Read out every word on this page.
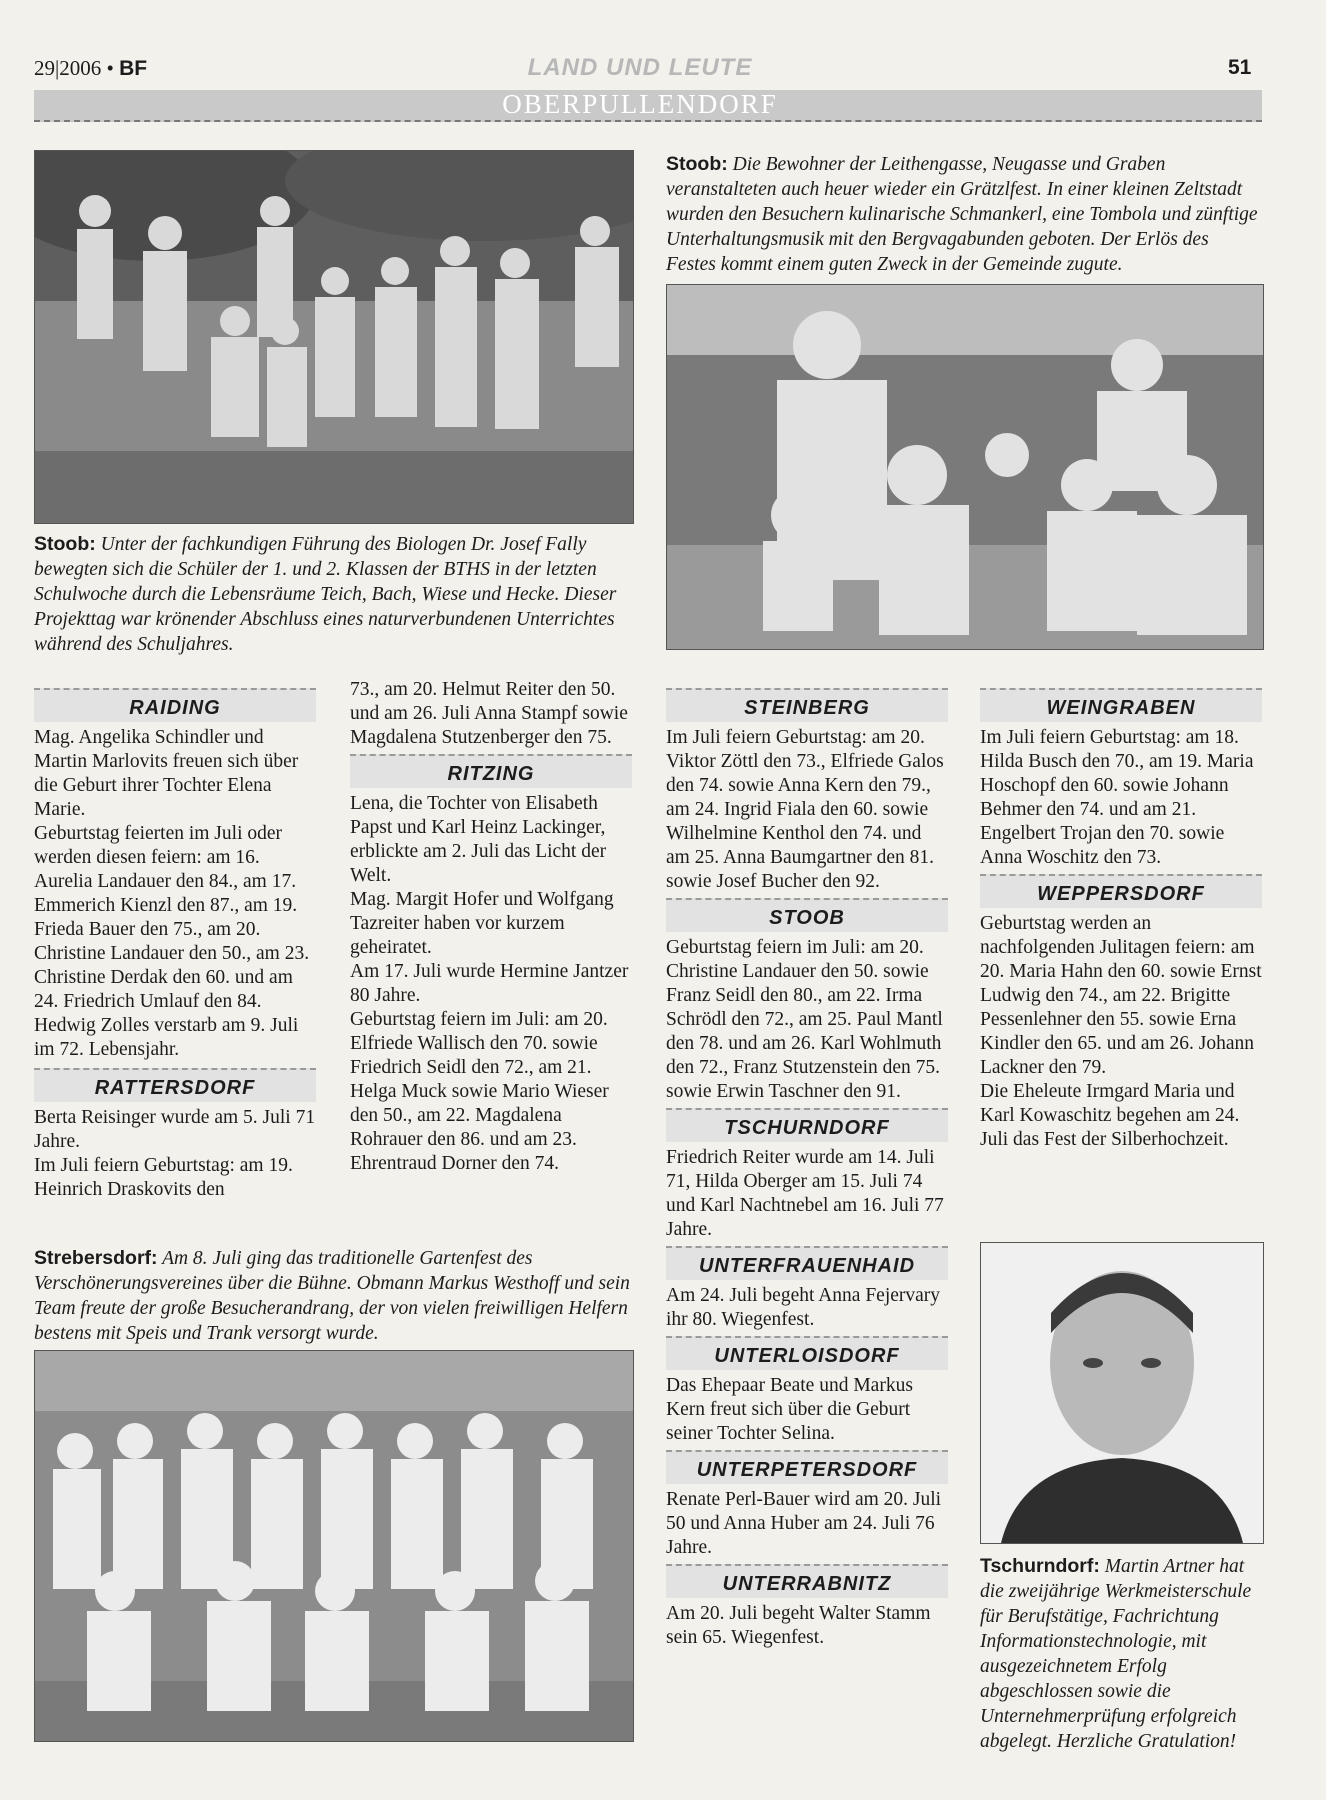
29|2006 • BF	LAND UND LEUTE	51
OBERPULLENDORF
Stoob: Unter der fachkundigen Führung des Biologen Dr. Josef Fally bewegten sich die Schüler der 1. und 2. Klassen der BTHS in der letzten Schulwoche durch die Lebensräume Teich, Bach, Wiese und Hecke. Dieser Projekttag war krönender Abschluss eines naturverbundenen Unterrichtes während des Schuljahres.
Stoob: Die Bewohner der Leithengasse, Neugasse und Graben veranstalteten auch heuer wieder ein Grätzlfest. In einer kleinen Zeltstadt wurden den Besuchern kulinarische Schmankerl, eine Tombola und zünftige Unterhaltungsmusik mit den Bergvagabunden geboten. Der Erlös des Festes kommt einem guten Zweck in der Gemeinde zugute.
RAIDING

Mag. Angelika Schindler und Martin Marlovits freuen sich über die Geburt ihrer Tochter Elena Marie.

Geburtstag feierten im Juli oder werden diesen feiern: am 16. Aurelia Landauer den 84., am 17. Emmerich Kienzl den 87., am 19. Frieda Bauer den 75., am 20. Christine Landauer den 50., am 23. Christine Derdak den 60. und am 24. Friedrich Umlauf den 84.

Hedwig Zolles verstarb am 9. Juli im 72. Lebensjahr.

RATTERSDORF

Berta Reisinger wurde am 5. Juli 71 Jahre.

Im Juli feiern Geburtstag: am 19. Heinrich Draskovits den

73., am 20. Helmut Reiter den 50. und am 26. Juli Anna Stampf sowie Magdalena Stutzenberger den 75.

RITZING

Lena, die Tochter von Elisabeth Papst und Karl Heinz Lackinger, erblickte am 2. Juli das Licht der Welt.

Mag. Margit Hofer und Wolfgang Tazreiter haben vor kurzem geheiratet.

Am 17. Juli wurde Hermine Jantzer 80 Jahre.

Geburtstag feiern im Juli: am 20. Elfriede Wallisch den 70. sowie Friedrich Seidl den 72., am 21. Helga Muck sowie Mario Wieser den 50., am 22. Magdalena Rohrauer den 86. und am 23. Ehrentraud Dorner den 74.

Strebersdorf: Am 8. Juli ging das traditionelle Gartenfest des Verschönerungsvereines über die Bühne. Obmann Markus Westhoff und sein Team freute der große Besucherandrang, der von vielen freiwilligen Helfern bestens mit Speis und Trank versorgt wurde.
STEINBERG

Im Juli feiern Geburtstag: am 20. Viktor Zöttl den 73., Elfriede Galos den 74. sowie Anna Kern den 79., am 24. Ingrid Fiala den 60. sowie Wilhelmine Kenthol den 74. und am 25. Anna Baumgartner den 81. sowie Josef Bucher den 92.

STOOB

Geburtstag feiern im Juli: am 20. Christine Landauer den 50. sowie Franz Seidl den 80., am 22. Irma Schrödl den 72., am 25. Paul Mantl den 78. und am 26. Karl Wohlmuth den 72., Franz Stutzenstein den 75. sowie Erwin Taschner den 91.

TSCHURNDORF

Friedrich Reiter wurde am 14. Juli 71, Hilda Oberger am 15. Juli 74 und Karl Nachtnebel am 16. Juli 77 Jahre.

UNTERFRAUENHAID

Am 24. Juli begeht Anna Fejervary ihr 80. Wiegenfest.

UNTERLOISDORF

Das Ehepaar Beate und Markus Kern freut sich über die Geburt seiner Tochter Selina.

UNTERPETERSDORF

Renate Perl-Bauer wird am 20. Juli 50 und Anna Huber am 24. Juli 76 Jahre.

UNTERRABNITZ

Am 20. Juli begeht Walter Stamm sein 65. Wiegenfest.

WEINGRABEN

Im Juli feiern Geburtstag: am 18. Hilda Busch den 70., am 19. Maria Hoschopf den 60. sowie Johann Behmer den 74. und am 21. Engelbert Trojan den 70. sowie Anna Woschitz den 73.

WEPPERSDORF

Geburtstag werden an nachfolgenden Julitagen feiern: am 20. Maria Hahn den 60. sowie Ernst Ludwig den 74., am 22. Brigitte Pessenlehner den 55. sowie Erna Kindler den 65. und am 26. Johann Lackner den 79.

Die Eheleute Irmgard Maria und Karl Kowaschitz begehen am 24. Juli das Fest der Silberhochzeit.

Tschurndorf: Martin Artner hat die zweijährige Werkmeisterschule für Berufstätige, Fachrichtung Informationstechnologie, mit ausgezeichnetem Erfolg abgeschlossen sowie die Unternehmerprüfung erfolgreich abgelegt. Herzliche Gratulation!
